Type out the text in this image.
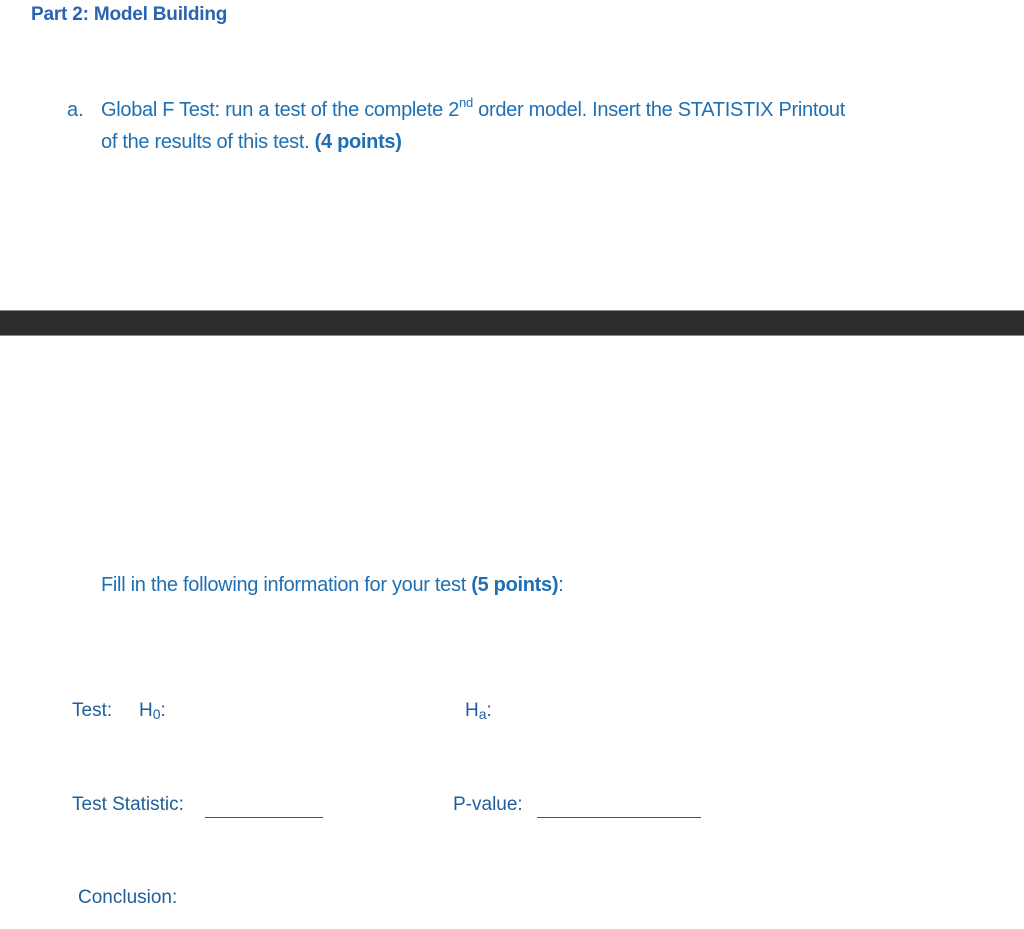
Part 2: Model Building
a. Global F Test: run a test of the complete 2nd order model. Insert the STATISTIX Printout
of the results of this test. (4 points)
Fill in the following information for your test (5 points):
Test: H0:	Ha:
Test Statistic:	P-value:
Conclusion:
